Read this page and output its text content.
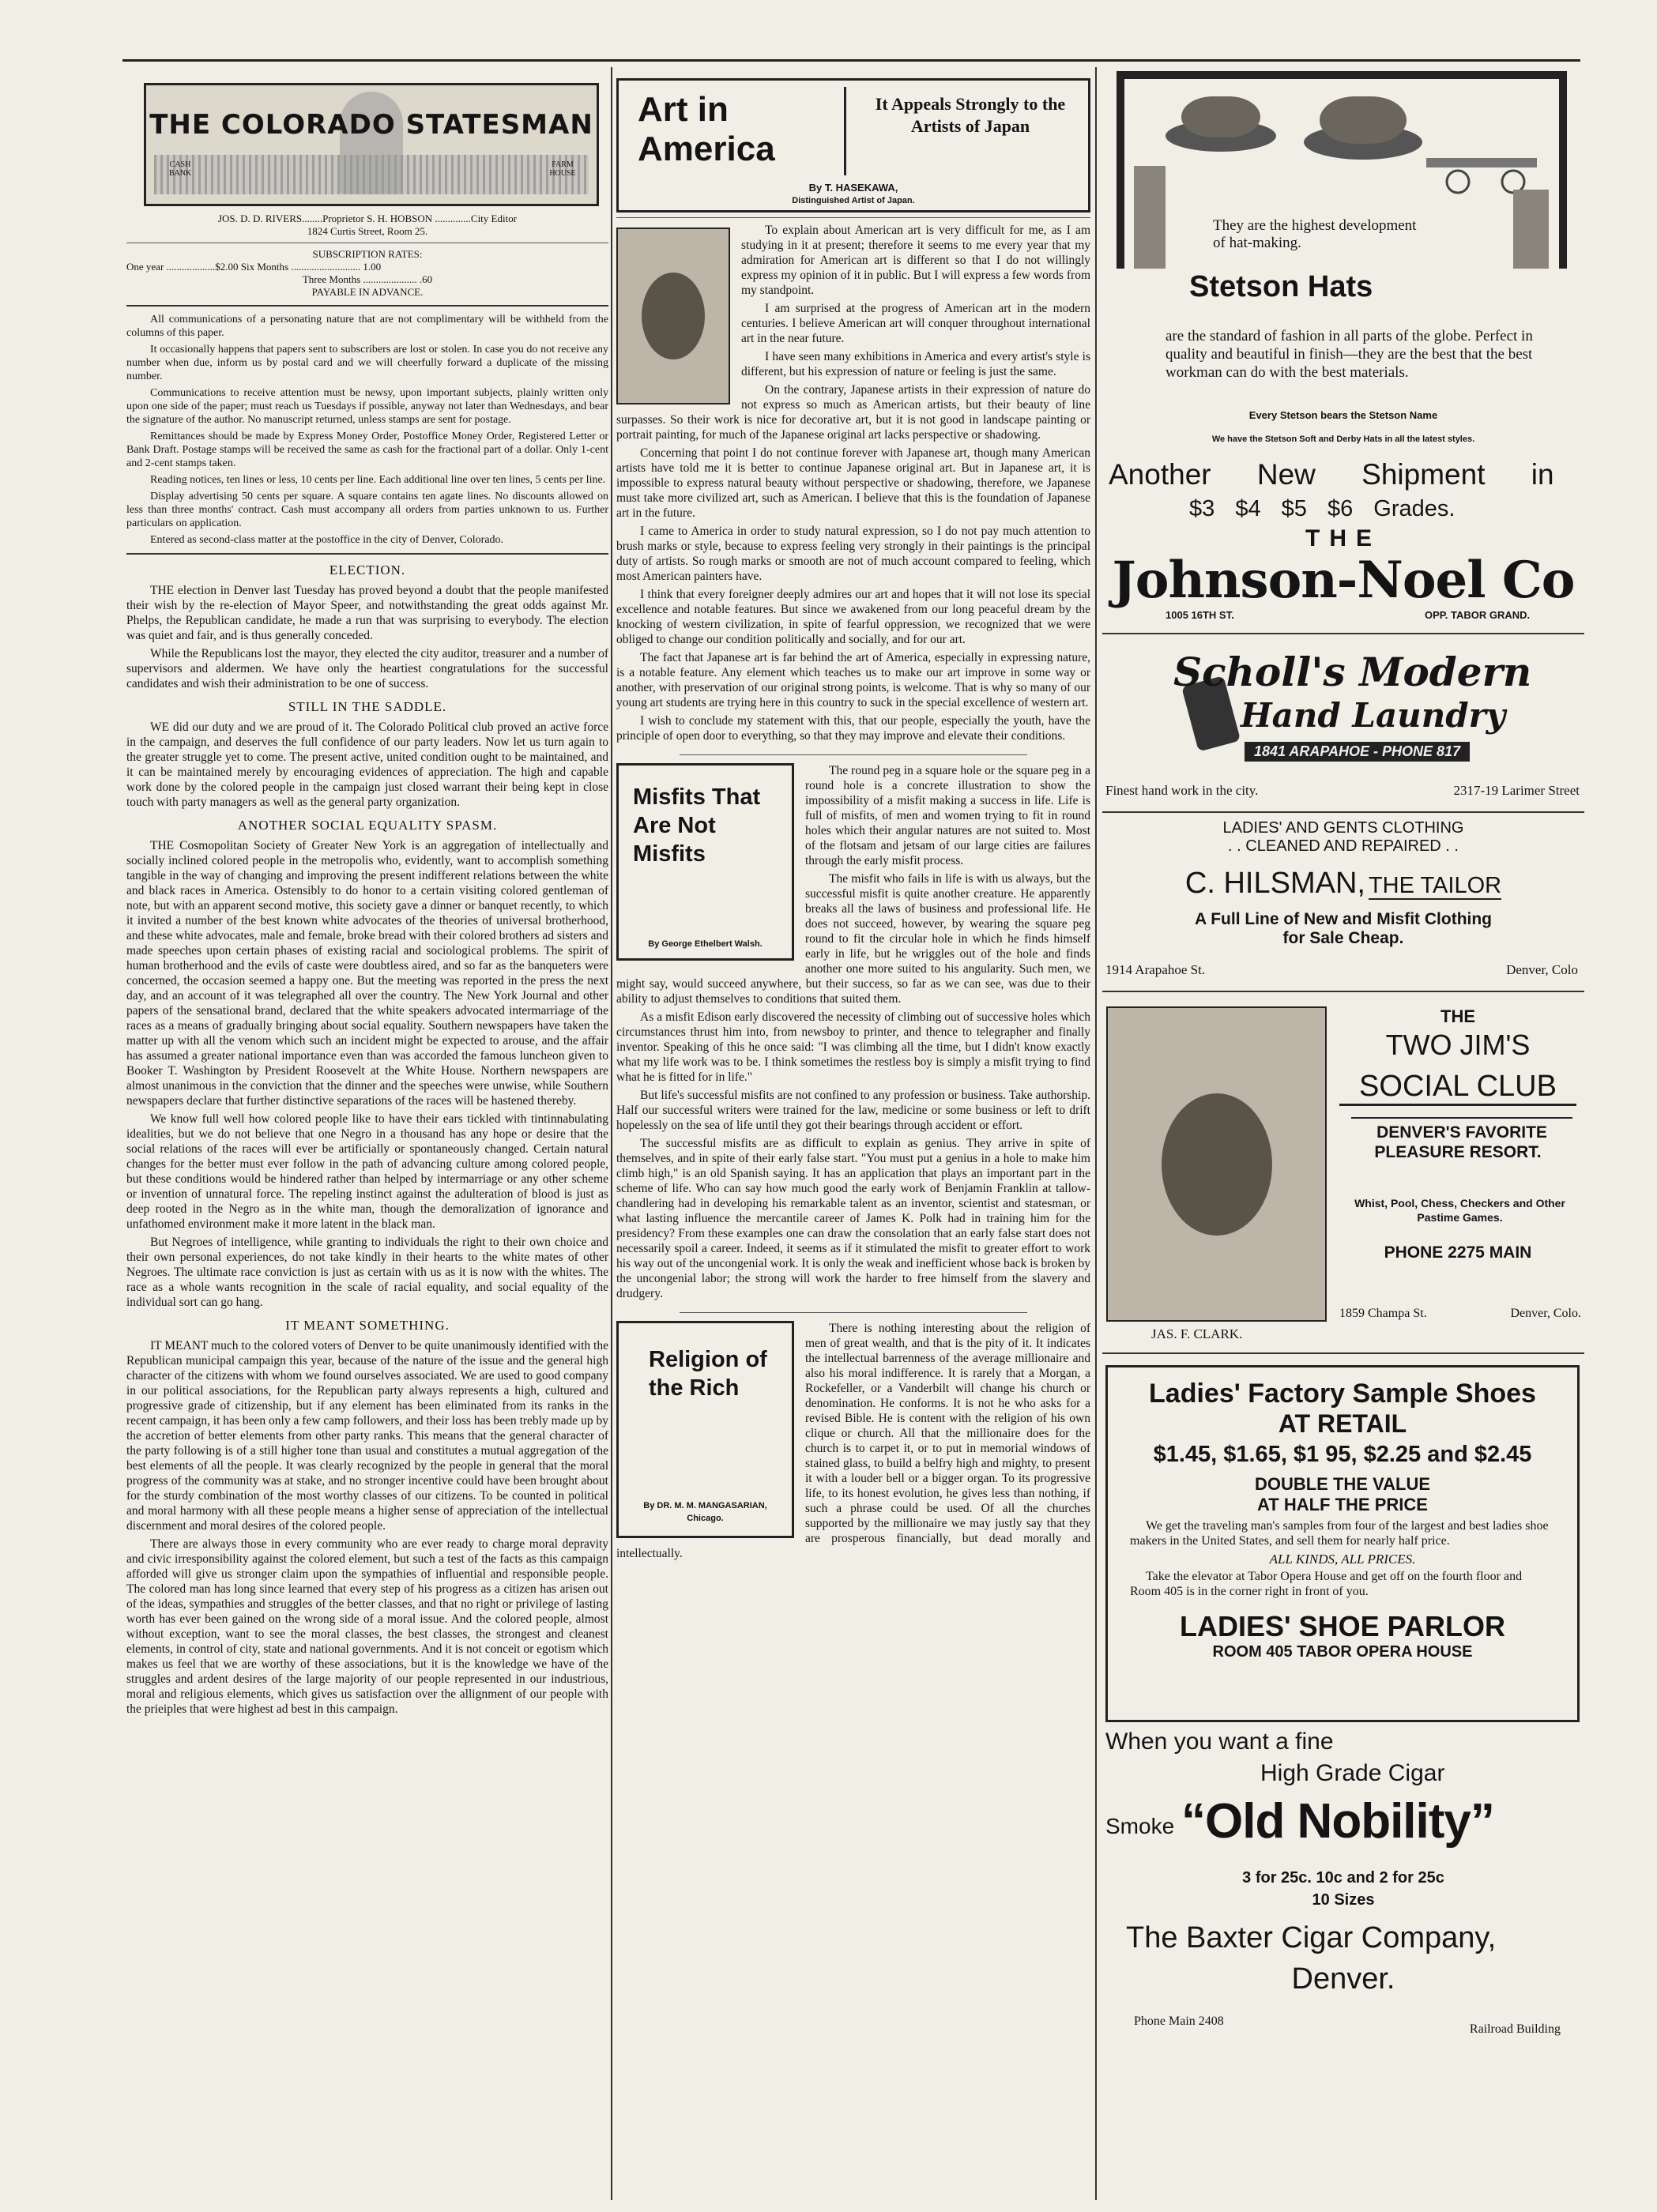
THE COLORADO STATESMAN
CASH BANK
FARM HOUSE
JOS. D. D. RIVERS........Proprietor S. H. HOBSON ..............City Editor
1824 Curtis Street, Room 25.
SUBSCRIPTION RATES:
One year ...................$2.00 Six Months ........................... 1.00
Three Months ..................... .60
PAYABLE IN ADVANCE.

All communications of a personating nature that are not complimentary will be withheld from the columns of this paper.

It occasionally happens that papers sent to subscribers are lost or stolen. In case you do not receive any number when due, inform us by postal card and we will cheerfully forward a duplicate of the missing number.

Communications to receive attention must be newsy, upon important subjects, plainly written only upon one side of the paper; must reach us Tuesdays if possible, anyway not later than Wednesdays, and bear the signature of the author. No manuscript returned, unless stamps are sent for postage.

Remittances should be made by Express Money Order, Postoffice Money Order, Registered Letter or Bank Draft. Postage stamps will be received the same as cash for the fractional part of a dollar. Only 1-cent and 2-cent stamps taken.

Reading notices, ten lines or less, 10 cents per line. Each additional line over ten lines, 5 cents per line.

Display advertising 50 cents per square. A square contains ten agate lines. No discounts allowed on less than three months' contract. Cash must accompany all orders from parties unknown to us. Further particulars on application.

Entered as second-class matter at the postoffice in the city of Denver, Colorado.

ELECTION.

THE election in Denver last Tuesday has proved beyond a doubt that the people manifested their wish by the re-election of Mayor Speer, and notwithstanding the great odds against Mr. Phelps, the Republican candidate, he made a run that was surprising to everybody. The election was quiet and fair, and is thus generally conceded.

While the Republicans lost the mayor, they elected the city auditor, treasurer and a number of supervisors and aldermen. We have only the heartiest congratulations for the successful candidates and wish their administration to be one of success.

STILL IN THE SADDLE.

WE did our duty and we are proud of it. The Colorado Political club proved an active force in the campaign, and deserves the full confidence of our party leaders. Now let us turn again to the greater struggle yet to come. The present active, united condition ought to be maintained, and it can be maintained merely by encouraging evidences of appreciation. The high and capable work done by the colored people in the campaign just closed warrant their being kept in close touch with party managers as well as the general party organization.

ANOTHER SOCIAL EQUALITY SPASM.

THE Cosmopolitan Society of Greater New York is an aggregation of intellectually and socially inclined colored people in the metropolis who, evidently, want to accomplish something tangible in the way of changing and improving the present indifferent relations between the white and black races in America. Ostensibly to do honor to a certain visiting colored gentleman of note, but with an apparent second motive, this society gave a dinner or banquet recently, to which it invited a number of the best known white advocates of the theories of universal brotherhood, and these white advocates, male and female, broke bread with their colored brothers ad sisters and made speeches upon certain phases of existing racial and sociological problems. The spirit of human brotherhood and the evils of caste were doubtless aired, and so far as the banqueters were concerned, the occasion seemed a happy one. But the meeting was reported in the press the next day, and an account of it was telegraphed all over the country. The New York Journal and other papers of the sensational brand, declared that the white speakers advocated intermarriage of the races as a means of gradually bringing about social equality. Southern newspapers have taken the matter up with all the venom which such an incident might be expected to arouse, and the affair has assumed a greater national importance even than was accorded the famous luncheon given to Booker T. Washington by President Roosevelt at the White House. Northern newspapers are almost unanimous in the conviction that the dinner and the speeches were unwise, while Southern newspapers declare that further distinctive separations of the races will be hastened thereby.

We know full well how colored people like to have their ears tickled with tintinnabulating idealities, but we do not believe that one Negro in a thousand has any hope or desire that the social relations of the races will ever be artificially or spontaneously changed. Certain natural changes for the better must ever follow in the path of advancing culture among colored people, but these conditions would be hindered rather than helped by intermarriage or any other scheme or invention of unnatural force. The repeling instinct against the adulteration of blood is just as deep rooted in the Negro as in the white man, though the demoralization of ignorance and unfathomed environment make it more latent in the black man.

But Negroes of intelligence, while granting to individuals the right to their own choice and their own personal experiences, do not take kindly in their hearts to the white mates of other Negroes. The ultimate race conviction is just as certain with us as it is now with the whites. The race as a whole wants recognition in the scale of racial equality, and social equality of the individual sort can go hang.

IT MEANT SOMETHING.

IT MEANT much to the colored voters of Denver to be quite unanimously identified with the Republican municipal campaign this year, because of the nature of the issue and the general high character of the citizens with whom we found ourselves associated. We are used to good company in our political associations, for the Republican party always represents a high, cultured and progressive grade of citizenship, but if any element has been eliminated from its ranks in the recent campaign, it has been only a few camp followers, and their loss has been trebly made up by the accretion of better elements from other party ranks. This means that the general character of the party following is of a still higher tone than usual and constitutes a mutual aggregation of the best elements of all the people. It was clearly recognized by the people in general that the moral progress of the community was at stake, and no stronger incentive could have been brought about for the sturdy combination of the most worthy classes of our citizens. To be counted in political and moral harmony with all these people means a higher sense of appreciation of the intellectual discernment and moral desires of the colored people.

There are always those in every community who are ever ready to charge moral depravity and civic irresponsibility against the colored element, but such a test of the facts as this campaign afforded will give us stronger claim upon the sympathies of influential and responsible people. The colored man has long since learned that every step of his progress as a citizen has arisen out of the ideas, sympathies and struggles of the better classes, and that no right or privilege of lasting worth has ever been gained on the wrong side of a moral issue. And the colored people, almost without exception, want to see the moral classes, the best classes, the strongest and cleanest elements, in control of city, state and national governments. And it is not conceit or egotism which makes us feel that we are worthy of these associations, but it is the knowledge we have of the struggles and ardent desires of the large majority of our people represented in our industrious, moral and religious elements, which gives us satisfaction over the allignment of our people with the prieiples that were highest ad best in this campaign.

Art in America
It Appeals Strongly to the Artists of Japan
By T. HASEKAWA,
Distinguished Artist of Japan.

To explain about American art is very difficult for me, as I am studying in it at present; therefore it seems to me every year that my admiration for American art is different so that I do not willingly express my opinion of it in public. But I will express a few words from my standpoint.

I am surprised at the progress of American art in the modern centuries. I believe American art will conquer throughout international art in the near future.

I have seen many exhibitions in America and every artist's style is different, but his expression of nature or feeling is just the same.

On the contrary, Japanese artists in their expression of nature do not express so much as American artists, but their beauty of line surpasses. So their work is nice for decorative art, but it is not good in landscape painting or portrait painting, for much of the Japanese original art lacks perspective or shadowing.

Concerning that point I do not continue forever with Japanese art, though many American artists have told me it is better to continue Japanese original art. But in Japanese art, it is impossible to express natural beauty without perspective or shadowing, therefore, we Japanese must take more civilized art, such as American. I believe that this is the foundation of Japanese art in the future.

I came to America in order to study natural expression, so I do not pay much attention to brush marks or style, because to express feeling very strongly in their paintings is the principal duty of artists. So rough marks or smooth are not of much account compared to feeling, which most American painters have.

I think that every foreigner deeply admires our art and hopes that it will not lose its special excellence and notable features. But since we awakened from our long peaceful dream by the knocking of western civilization, in spite of fearful oppression, we recognized that we were obliged to change our condition politically and socially, and for our art.

The fact that Japanese art is far behind the art of America, especially in expressing nature, is a notable feature. Any element which teaches us to make our art improve in some way or another, with preservation of our original strong points, is welcome. That is why so many of our young art students are trying here in this country to suck in the special excellence of western art.

I wish to conclude my statement with this, that our people, especially the youth, have the principle of open door to everything, so that they may improve and elevate their conditions.

Misfits That Are Not Misfits
By George Ethelbert Walsh.

The round peg in a square hole or the square peg in a round hole is a concrete illustration to show the impossibility of a misfit making a success in life. Life is full of misfits, of men and women trying to fit in round holes which their angular natures are not suited to. Most of the flotsam and jetsam of our large cities are failures through the early misfit process.

The misfit who fails in life is with us always, but the successful misfit is quite another creature. He apparently breaks all the laws of business and professional life. He does not succeed, however, by wearing the square peg round to fit the circular hole in which he finds himself early in life, but he wriggles out of the hole and finds another one more suited to his angularity. Such men, we might say, would succeed anywhere, but their success, so far as we can see, was due to their ability to adjust themselves to conditions that suited them.

As a misfit Edison early discovered the necessity of climbing out of successive holes which circumstances thrust him into, from newsboy to printer, and thence to telegrapher and finally inventor. Speaking of this he once said: "I was climbing all the time, but I didn't know exactly what my life work was to be. I think sometimes the restless boy is simply a misfit trying to find what he is fitted for in life."

But life's successful misfits are not confined to any profession or business. Take authorship. Half our successful writers were trained for the law, medicine or some business or left to drift hopelessly on the sea of life until they got their bearings through accident or effort.

The successful misfits are as difficult to explain as genius. They arrive in spite of themselves, and in spite of their early false start. "You must put a genius in a hole to make him climb high," is an old Spanish saying. It has an application that plays an important part in the scheme of life. Who can say how much good the early work of Benjamin Franklin at tallow-chandlering had in developing his remarkable talent as an inventor, scientist and statesman, or what lasting influence the mercantile career of James K. Polk had in training him for the presidency? From these examples one can draw the consolation that an early false start does not necessarily spoil a career. Indeed, it seems as if it stimulated the misfit to greater effort to work his way out of the uncongenial work. It is only the weak and inefficient whose back is broken by the uncongenial labor; the strong will work the harder to free himself from the slavery and drudgery.

Religion of the Rich
By DR. M. M. MANGASARIAN,
Chicago.

There is nothing interesting about the religion of men of great wealth, and that is the pity of it. It indicates the intellectual barrenness of the average millionaire and also his moral indifference. It is rarely that a Morgan, a Rockefeller, or a Vanderbilt will change his church or denomination. He conforms. It is not he who asks for a revised Bible. He is content with the religion of his own clique or church. All that the millionaire does for the church is to carpet it, or to put in memorial windows of stained glass, to build a belfry high and mighty, to present it with a louder bell or a bigger organ. To its progressive life, to its honest evolution, he gives less than nothing, if such a phrase could be used. Of all the churches supported by the millionaire we may justly say that they are prosperous financially, but dead morally and intellectually.

They are the highest development of hat-making.
Stetson Hats
are the standard of fashion in all parts of the globe. Perfect in quality and beautiful in finish—they are the best that the best workman can do with the best materials.
Every Stetson bears the Stetson Name
We have the Stetson Soft and Derby Hats in all the latest styles.
Another New Shipment in
$3 $4 $5 $6 Grades.
THE
Johnson-Noel Co
1005 16TH ST.	OPP. TABOR GRAND.
Scholl's Modern
Hand Laundry
1841 ARAPAHOE - PHONE 817
Finest hand work in the city.	2317-19 Larimer Street
LADIES' AND GENTS CLOTHING
. . CLEANED AND REPAIRED . .
C. HILSMAN, THE TAILOR
A Full Line of New and Misfit Clothing
for Sale Cheap.
1914 Arapahoe St.	Denver, Colo
JAS. F. CLARK.
THE
TWO JIM'S
SOCIAL CLUB
DENVER'S FAVORITE
PLEASURE RESORT.
Whist, Pool, Chess, Checkers and Other Pastime Games.
PHONE 2275 MAIN
1859 Champa St.	Denver, Colo.
Ladies' Factory Sample Shoes
AT RETAIL
$1.45, $1.65, $1 95, $2.25 and $2.45
DOUBLE THE VALUE
AT HALF THE PRICE
We get the traveling man's samples from four of the largest and best ladies shoe makers in the United States, and sell them for nearly half price.
ALL KINDS, ALL PRICES.
Take the elevator at Tabor Opera House and get off on the fourth floor and Room 405 is in the corner right in front of you.
LADIES' SHOE PARLOR
ROOM 405 TABOR OPERA HOUSE
When you want a fine
High Grade Cigar
Smoke “Old Nobility”
3 for 25c. 10c and 2 for 25c
10 Sizes
The Baxter Cigar Company,
Denver.
Phone Main 2408
Railroad Building
